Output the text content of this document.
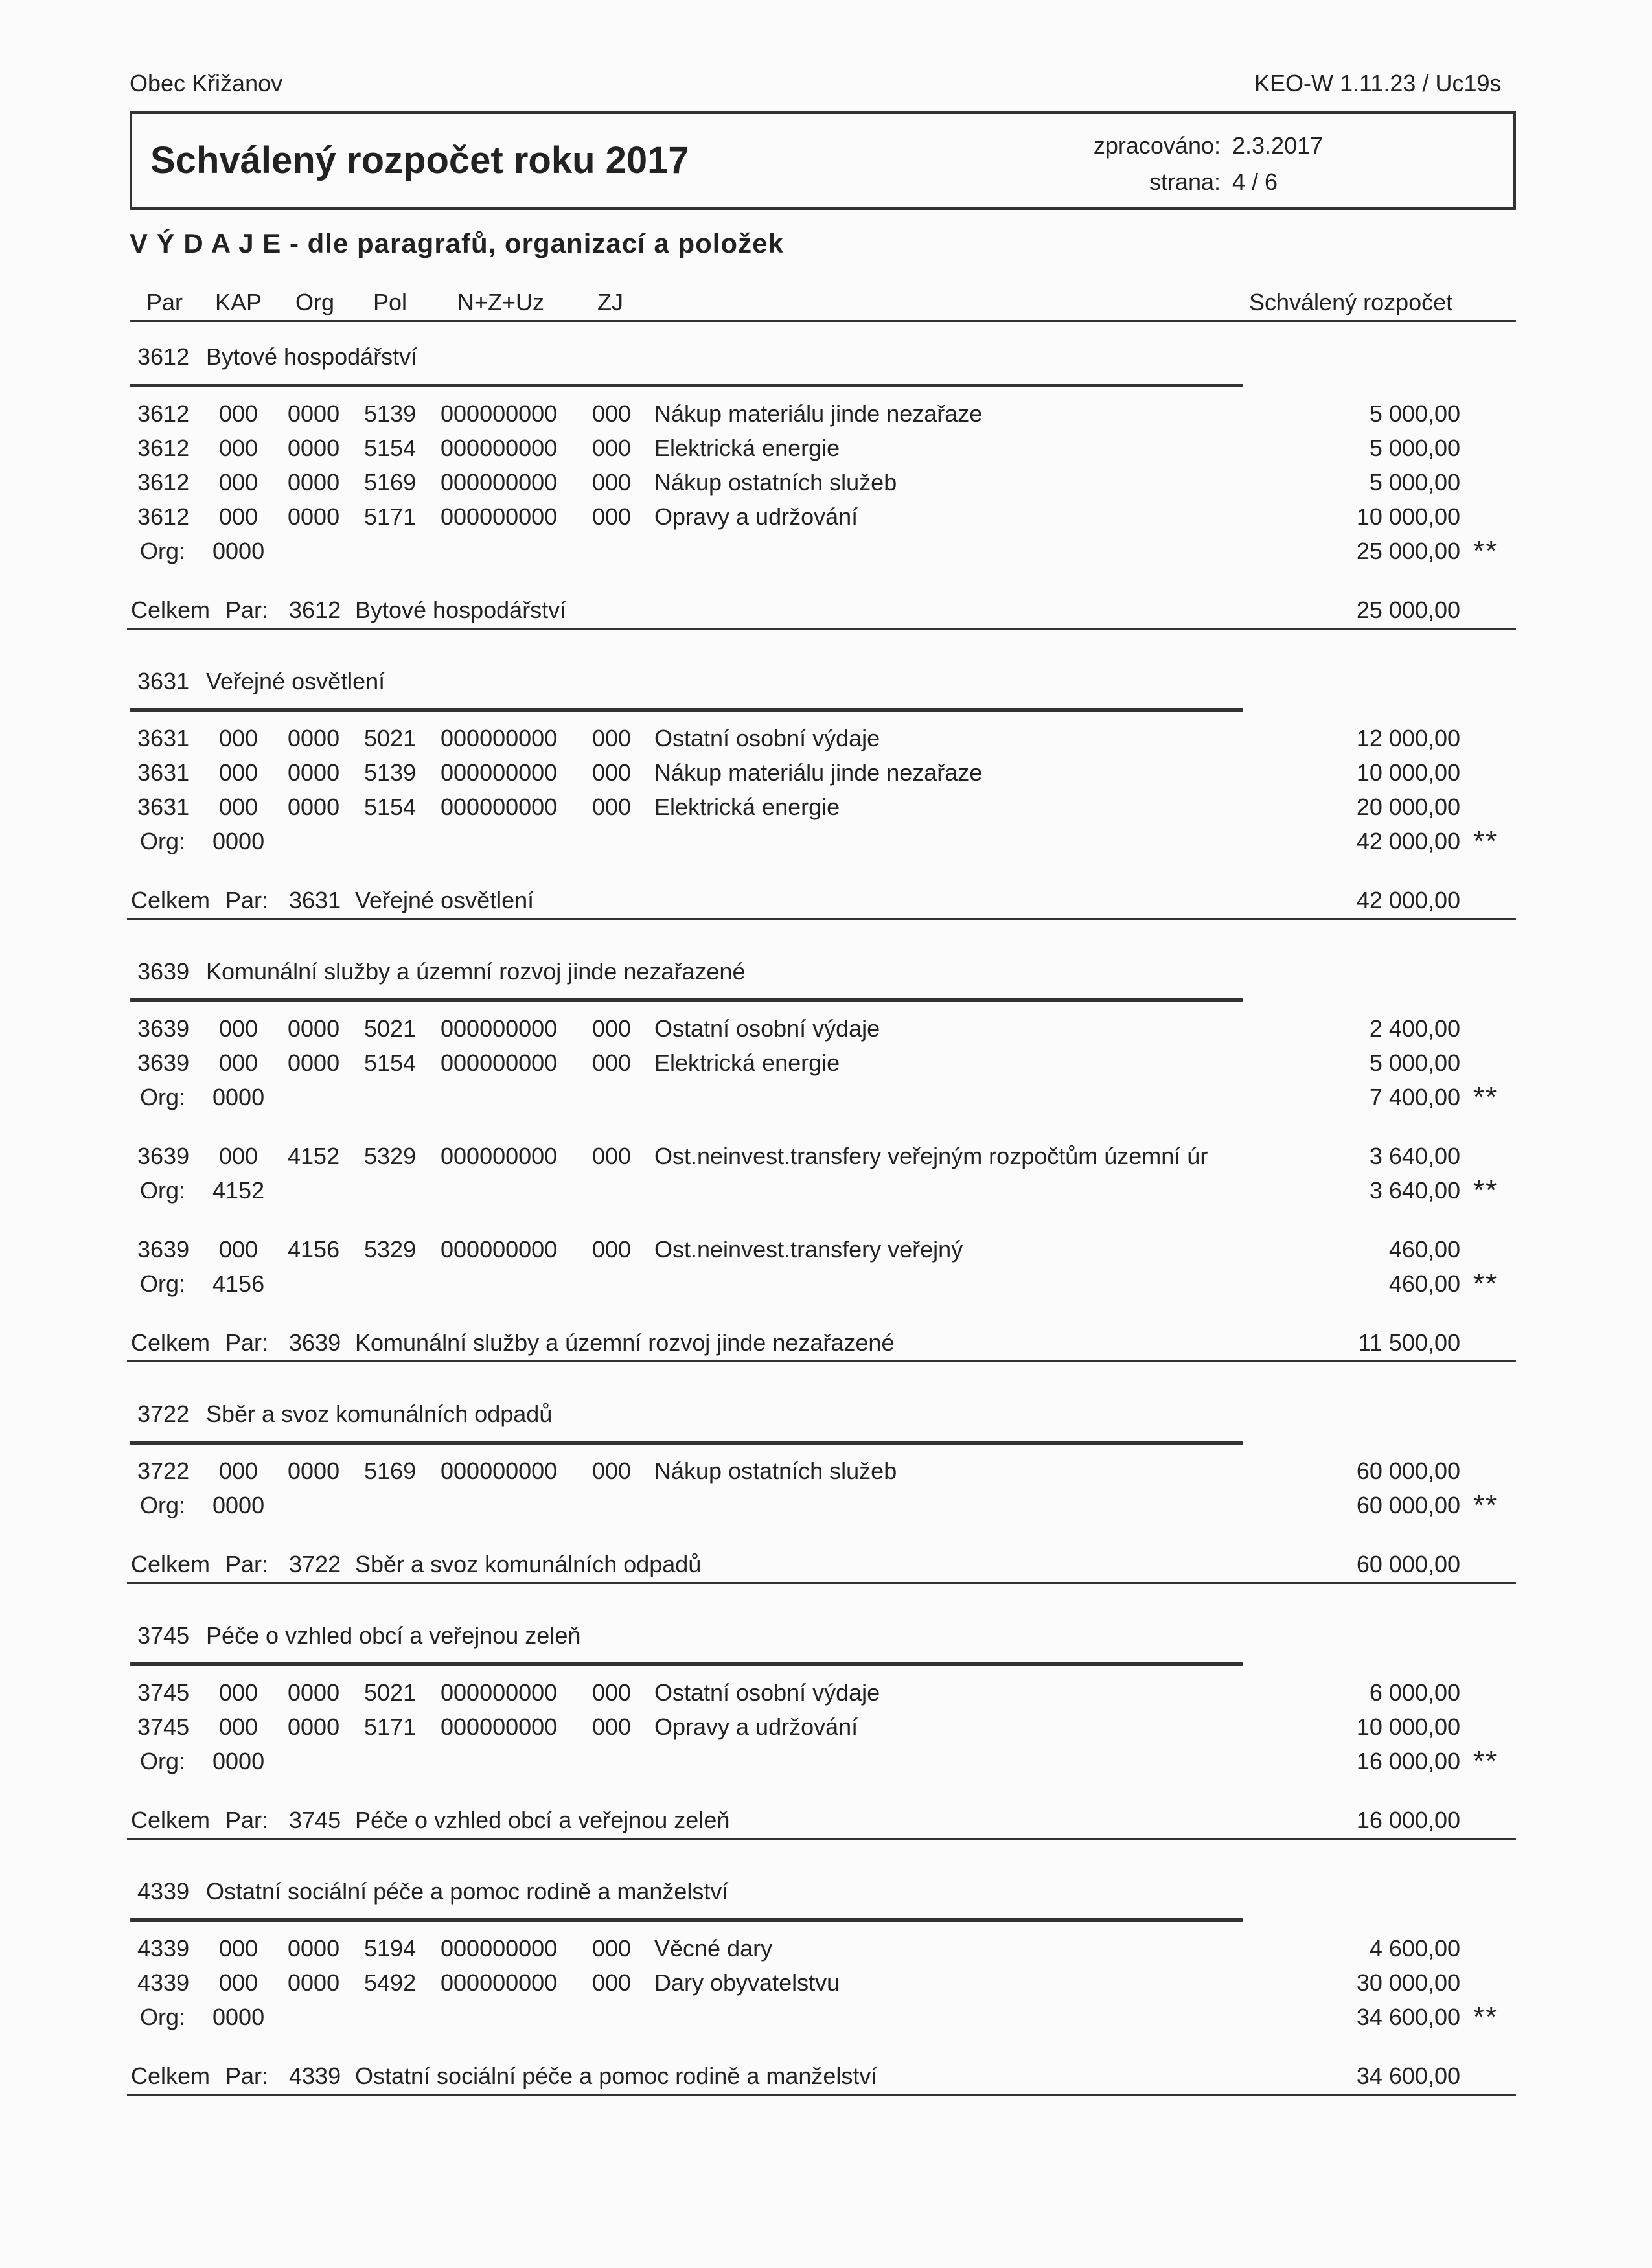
Obec Křižanov	KEO-W 1.11.23 / Uc19s
Schválený rozpočet roku 2017	zpracováno: 2.3.2017
strana: 4 / 6
V Ý D A J E - dle paragrafů, organizací a položek
Par KAP Org Pol N+Z+Uz ZJ	Schválený rozpočet
3612 Bytové hospodářství
3612 000 0000 5139 000000000 000 Nákup materiálu jinde nezařaze	5 000,00
3612 000 0000 5154 000000000 000 Elektrická energie	5 000,00
3612 000 0000 5169 000000000 000 Nákup ostatních služeb	5 000,00
3612 000 0000 5171 000000000 000 Opravy a udržování	10 000,00
Org: 0000	25 000,00 **
Celkem Par: 3612 Bytové hospodářství	25 000,00
3631 Veřejné osvětlení
3631 000 0000 5021 000000000 000 Ostatní osobní výdaje	12 000,00
3631 000 0000 5139 000000000 000 Nákup materiálu jinde nezařaze	10 000,00
3631 000 0000 5154 000000000 000 Elektrická energie	20 000,00
Org: 0000	42 000,00 **
Celkem Par: 3631 Veřejné osvětlení	42 000,00
3639 Komunální služby a územní rozvoj jinde nezařazené
3639 000 0000 5021 000000000 000 Ostatní osobní výdaje	2 400,00
3639 000 0000 5154 000000000 000 Elektrická energie	5 000,00
Org: 0000	7 400,00 **
3639 000 4152 5329 000000000 000 Ost.neinvest.transfery veřejným rozpočtům územní úr	3 640,00
Org: 4152	3 640,00 **
3639 000 4156 5329 000000000 000 Ost.neinvest.transfery veřejný	460,00
Org: 4156	460,00 **
Celkem Par: 3639 Komunální služby a územní rozvoj jinde nezařazené	11 500,00
3722 Sběr a svoz komunálních odpadů
3722 000 0000 5169 000000000 000 Nákup ostatních služeb	60 000,00
Org: 0000	60 000,00 **
Celkem Par: 3722 Sběr a svoz komunálních odpadů	60 000,00
3745 Péče o vzhled obcí a veřejnou zeleň
3745 000 0000 5021 000000000 000 Ostatní osobní výdaje	6 000,00
3745 000 0000 5171 000000000 000 Opravy a udržování	10 000,00
Org: 0000	16 000,00 **
Celkem Par: 3745 Péče o vzhled obcí a veřejnou zeleň	16 000,00
4339 Ostatní sociální péče a pomoc rodině a manželství
4339 000 0000 5194 000000000 000 Věcné dary	4 600,00
4339 000 0000 5492 000000000 000 Dary obyvatelstvu	30 000,00
Org: 0000	34 600,00 **
Celkem Par: 4339 Ostatní sociální péče a pomoc rodině a manželství	34 600,00
